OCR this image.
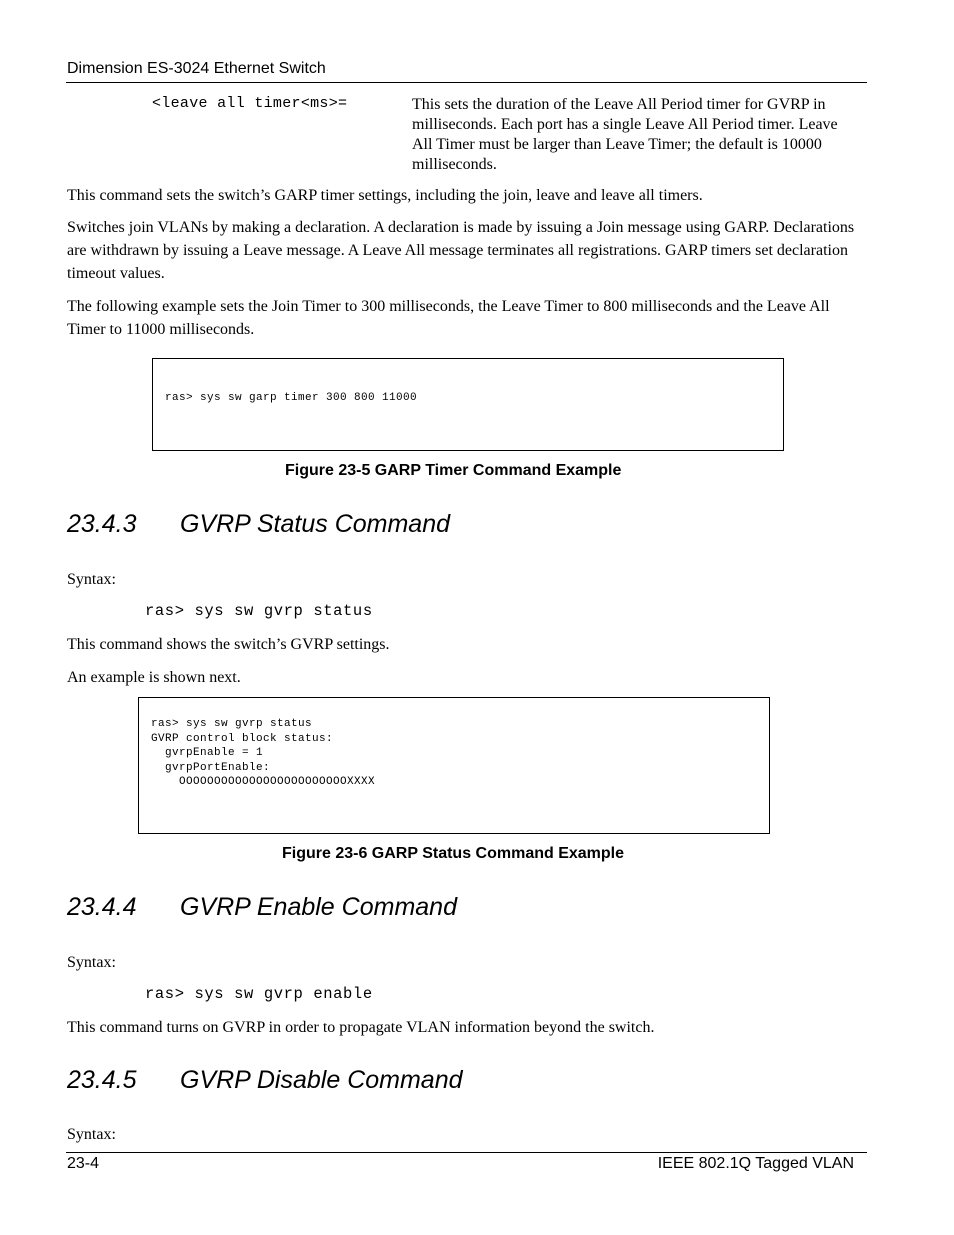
Dimension ES-3024 Ethernet Switch
<leave all timer<ms>=	This sets the duration of the Leave All Period timer for GVRP in milliseconds. Each port has a single Leave All Period timer. Leave All Timer must be larger than Leave Timer; the default is 10000 milliseconds.
This command sets the switch’s GARP timer settings, including the join, leave and leave all timers.
Switches join VLANs by making a declaration. A declaration is made by issuing a Join message using GARP. Declarations are withdrawn by issuing a Leave message. A Leave All message terminates all registrations. GARP timers set declaration timeout values.
The following example sets the Join Timer to 300 milliseconds, the Leave Timer to 800 milliseconds and the Leave All Timer to 11000 milliseconds.
ras> sys sw garp timer 300 800 11000
Figure 23-5 GARP Timer Command Example
23.4.3 GVRP Status Command
Syntax:
ras> sys sw gvrp status
This command shows the switch’s GVRP settings.
An example is shown next.
ras> sys sw gvrp status
GVRP control block status:
gvrpEnable = 1
gvrpPortEnable:
OOOOOOOOOOOOOOOOOOOOOOOOXXXX
Figure 23-6 GARP Status Command Example
23.4.4 GVRP Enable Command
Syntax:
ras> sys sw gvrp enable
This command turns on GVRP in order to propagate VLAN information beyond the switch.
23.4.5 GVRP Disable Command
Syntax:
23-4	IEEE 802.1Q Tagged VLAN
